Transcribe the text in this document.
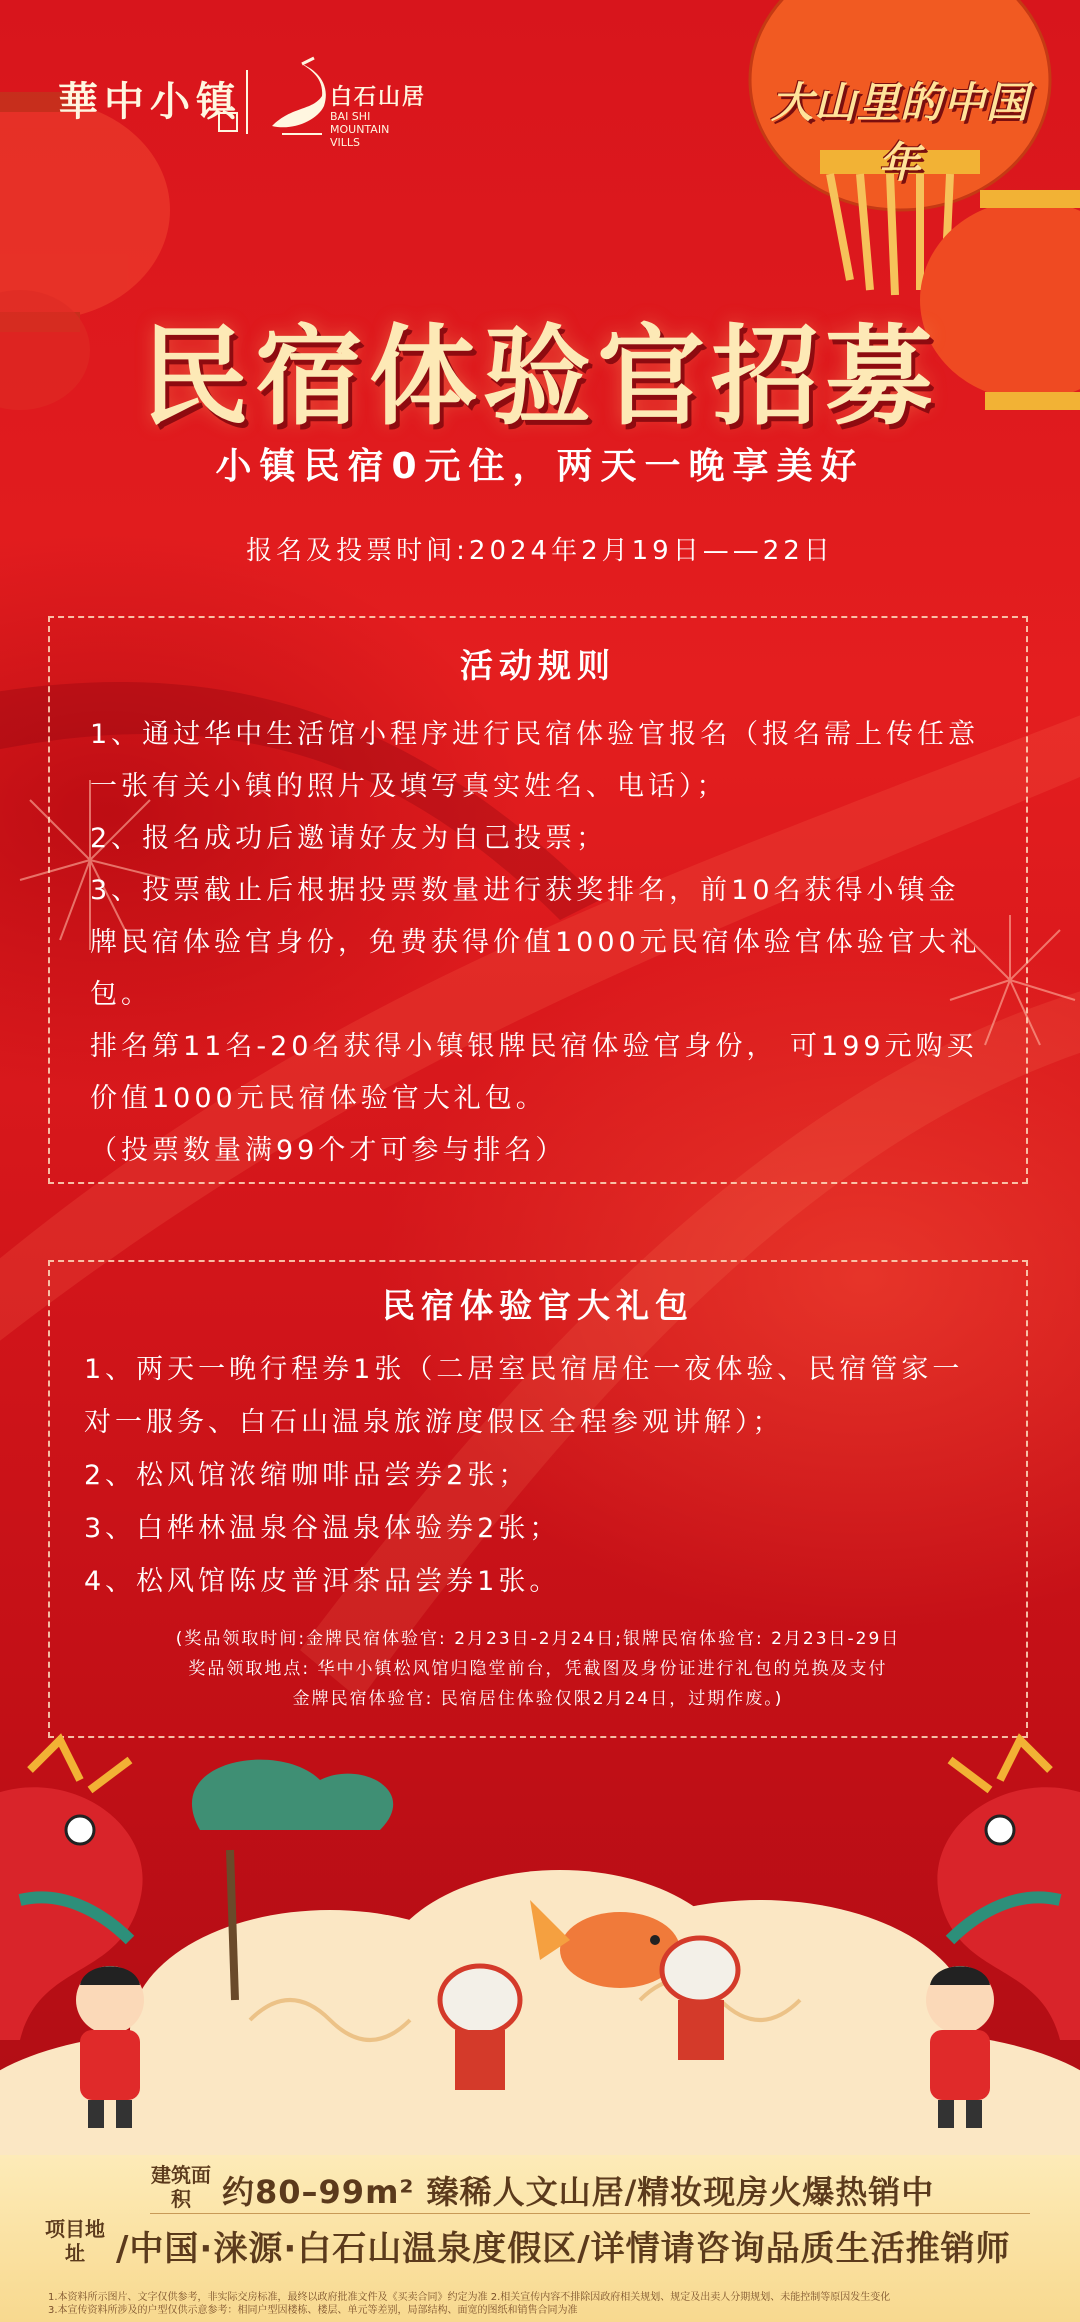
華中小镇	白石山居
BAI SHI MOUNTAIN VILLS
大山里的中国年
民宿体验官招募
小镇民宿0元住，两天一晚享美好
报名及投票时间:2024年2月19日——22日
活动规则

1、通过华中生活馆小程序进行民宿体验官报名（报名需上传任意一张有关小镇的照片及填写真实姓名、电话）；

2、报名成功后邀请好友为自己投票；

3、投票截止后根据投票数量进行获奖排名，前10名获得小镇金牌民宿体验官身份，免费获得价值1000元民宿体验官体验官大礼包。

排名第11名-20名获得小镇银牌民宿体验官身份， 可199元购买价值1000元民宿体验官大礼包。

（投票数量满99个才可参与排名）

民宿体验官大礼包

1、两天一晚行程券1张（二居室民宿居住一夜体验、民宿管家一对一服务、白石山温泉旅游度假区全程参观讲解）；

2、松风馆浓缩咖啡品尝券2张；

3、白桦林温泉谷温泉体验券2张；

4、松风馆陈皮普洱茶品尝券1张。

(奖品领取时间:金牌民宿体验官: 2月23日-2月24日;银牌民宿体验官: 2月23日-29日

奖品领取地点: 华中小镇松风馆归隐堂前台，凭截图及身份证进行礼包的兑换及支付

金牌民宿体验官: 民宿居住体验仅限2月24日，过期作废。)

建筑面积 约80–99m² 臻稀人文山居/精妆现房火爆热销中
项目地址 /中国·涞源·白石山温泉度假区/详情请咨询品质生活推销师

1.本资料所示图片、文字仅供参考，非实际交房标准，最终以政府批准文件及《买卖合同》约定为准 2.相关宣传内容不排除因政府相关规划、规定及出卖人分期规划、未能控制等原因发生变化

3.本宣传资料所涉及的户型仅供示意参考：相同户型因楼栋、楼层、单元等差别，局部结构、面宽的图纸和销售合同为准
